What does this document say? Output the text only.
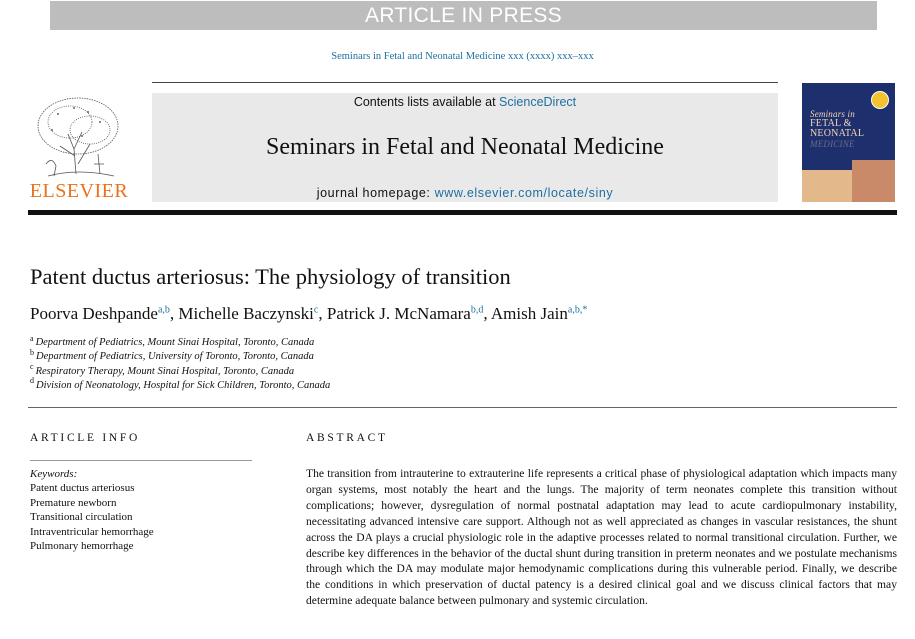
ARTICLE IN PRESS
Seminars in Fetal and Neonatal Medicine xxx (xxxx) xxx–xxx
ELSEVIER
Contents lists available at ScienceDirect
Seminars in Fetal and Neonatal Medicine
journal homepage: www.elsevier.com/locate/siny
Seminars in
FETAL & NEONATAL
MEDICINE
Patent ductus arteriosus: The physiology of transition
Poorva Deshpande$^{a,b}$, Michelle Baczynski$^c$, Patrick J. McNamara$^{b,d}$, Amish Jain$^{a,b,*}$
$^a$ Department of Pediatrics, Mount Sinai Hospital, Toronto, Canada
$^b$ Department of Pediatrics, University of Toronto, Toronto, Canada
$^c$ Respiratory Therapy, Mount Sinai Hospital, Toronto, Canada
$^d$ Division of Neonatology, Hospital for Sick Children, Toronto, Canada
ARTICLE INFO
Keywords:
Patent ductus arteriosus
Premature newborn
Transitional circulation
Intraventricular hemorrhage
Pulmonary hemorrhage
ABSTRACT
The transition from intrauterine to extrauterine life represents a critical phase of physiological adaptation which impacts many organ systems, most notably the heart and the lungs. The majority of term neonates complete this transition without complications; however, dysregulation of normal postnatal adaptation may lead to acute cardiopulmonary instability, necessitating advanced intensive care support. Although not as well appreciated as changes in vascular resistances, the shunt across the DA plays a crucial physiologic role in the adaptive processes related to normal transitional circulation. Further, we describe key differences in the behavior of the ductal shunt during transition in preterm neonates and we postulate mechanisms through which the DA may modulate major hemodynamic complications during this vulnerable period. Finally, we describe the conditions in which preservation of ductal patency is a desired clinical goal and we discuss clinical factors that may determine adequate balance between pulmonary and systemic circulation.
